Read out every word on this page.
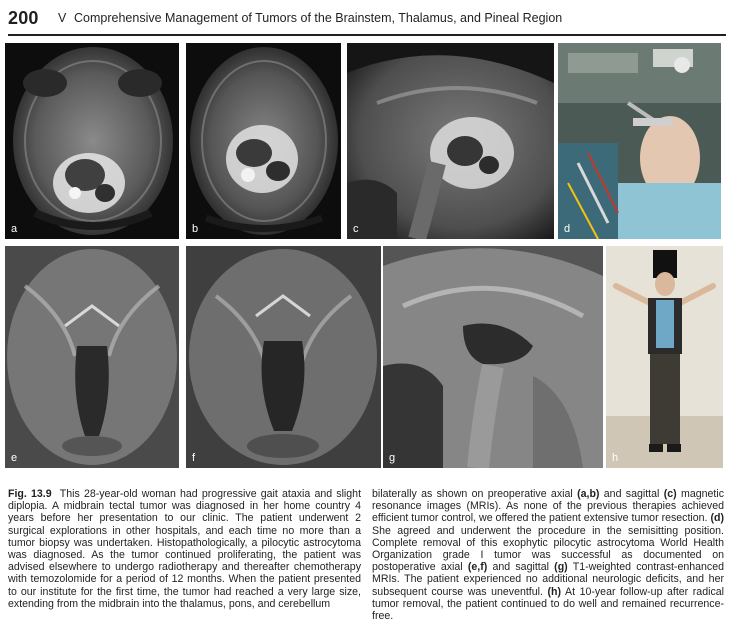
200 V Comprehensive Management of Tumors of the Brainstem, Thalamus, and Pineal Region
a	b	c	d
e	f	g	h
Fig. 13.9 This 28-year-old woman had progressive gait ataxia and slight diplopia. A midbrain tectal tumor was diagnosed in her home country 4 years before her presentation to our clinic. The patient underwent 2 surgical explorations in other hospitals, and each time no more than a tumor biopsy was undertaken. Histopathologically, a pilocytic astrocytoma was diagnosed. As the tumor continued proliferating, the patient was advised elsewhere to undergo radiotherapy and thereafter chemotherapy with temozolomide for a period of 12 months. When the patient presented to our institute for the first time, the tumor had reached a very large size, extending from the midbrain into the thalamus, pons, and cerebellum
bilaterally as shown on preoperative axial (a,b) and sagittal (c) magnetic resonance images (MRIs). As none of the previous therapies achieved efficient tumor control, we offered the patient extensive tumor resection. (d) She agreed and underwent the procedure in the semisitting position. Complete removal of this exophytic pilocytic astrocytoma World Health Organization grade I tumor was successful as documented on postoperative axial (e,f) and sagittal (g) T1-weighted contrast-enhanced MRIs. The patient experienced no additional neurologic deficits, and her subsequent course was uneventful. (h) At 10-year follow-up after radical tumor removal, the patient continued to do well and remained recurrence-free.
